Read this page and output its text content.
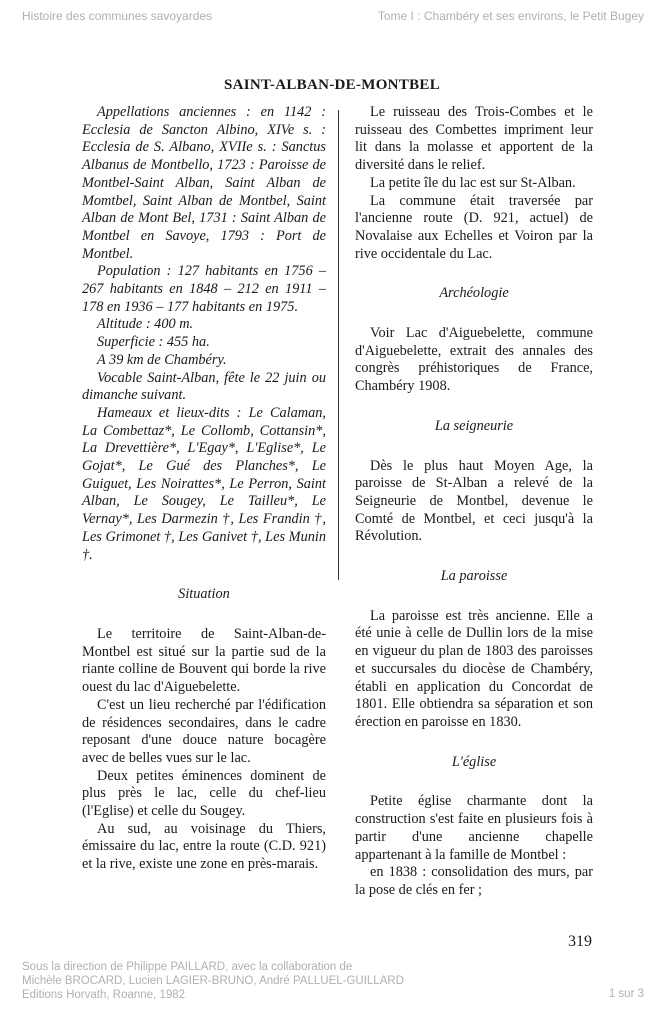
Histoire des communes savoyardes	Tome I : Chambéry et ses environs, le Petit Bugey
SAINT-ALBAN-DE-MONTBEL

Appellations anciennes : en 1142 : Ecclesia de Sancton Albino, XIVe s. : Ecclesia de S. Albano, XVIIe s. : Sanctus Albanus de Montbello, 1723 : Paroisse de Montbel-Saint Alban, Saint Alban de Momtbel, Saint Alban de Montbel, Saint Alban de Mont Bel, 1731 : Saint Alban de Montbel en Savoye, 1793 : Port de Montbel.

Population : 127 habitants en 1756 – 267 habitants en 1848 – 212 en 1911 – 178 en 1936 – 177 habitants en 1975.

Altitude : 400 m.

Superficie : 455 ha.

A 39 km de Chambéry.

Vocable Saint-Alban, fête le 22 juin ou dimanche suivant.

Hameaux et lieux-dits : Le Calaman, La Combettaz*, Le Collomb, Cottansin*, La Drevettière*, L'Egay*, L'Eglise*, Le Gojat*, Le Gué des Planches*, Le Guiguet, Les Noirattes*, Le Perron, Saint Alban, Le Sougey, Le Tailleu*, Le Vernay*, Les Darmezin †, Les Frandin †, Les Grimonet †, Les Ganivet †, Les Munin †.

Situation

Le territoire de Saint-Alban-de-Montbel est situé sur la partie sud de la riante colline de Bouvent qui borde la rive ouest du lac d'Aiguebelette.

C'est un lieu recherché par l'édification de résidences secondaires, dans le cadre reposant d'une douce nature bocagère avec de belles vues sur le lac.

Deux petites éminences dominent de plus près le lac, celle du chef-lieu (l'Eglise) et celle du Sougey.

Au sud, au voisinage du Thiers, émissaire du lac, entre la route (C.D. 921) et la rive, existe une zone en près-marais.

Le ruisseau des Trois-Combes et le ruisseau des Combettes impriment leur lit dans la molasse et apportent de la diversité dans le relief.

La petite île du lac est sur St-Alban.

La commune était traversée par l'ancienne route (D. 921, actuel) de Novalaise aux Echelles et Voiron par la rive occidentale du Lac.

Archéologie

Voir Lac d'Aiguebelette, commune d'Aiguebelette, extrait des annales des congrès préhistoriques de France, Chambéry 1908.

La seigneurie

Dès le plus haut Moyen Age, la paroisse de St-Alban a relevé de la Seigneurie de Montbel, devenue le Comté de Montbel, et ceci jusqu'à la Révolution.

La paroisse

La paroisse est très ancienne. Elle a été unie à celle de Dullin lors de la mise en vigueur du plan de 1803 des paroisses et succursales du diocèse de Chambéry, établi en application du Concordat de 1801. Elle obtiendra sa séparation et son érection en paroisse en 1830.

L'église

Petite église charmante dont la construction s'est faite en plusieurs fois à partir d'une ancienne chapelle appartenant à la famille de Montbel :

en 1838 : consolidation des murs, par la pose de clés en fer ;

319
Sous la direction de Philippe PAILLARD, avec la collaboration de
Michèle BROCARD, Lucien LAGIER-BRUNO, André PALLUEL-GUILLARD
Editions Horvath, Roanne, 1982	1 sur 3
